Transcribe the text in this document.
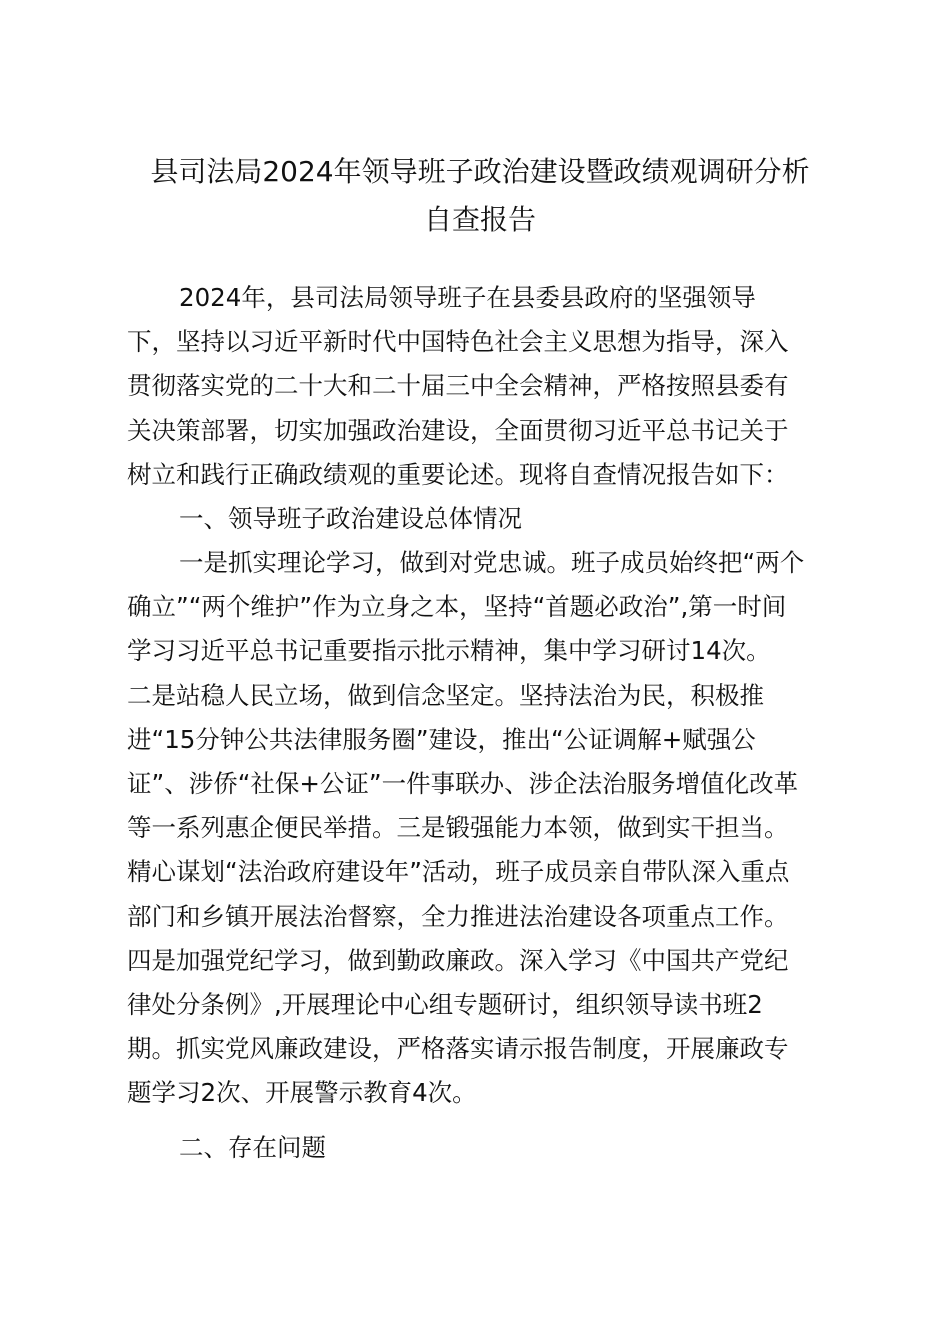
县司法局2024年领导班子政治建设暨政绩观调研分析
自查报告
2024年，县司法局领导班子在县委县政府的坚强领导
下，坚持以习近平新时代中国特色社会主义思想为指导，深入
贯彻落实党的二十大和二十届三中全会精神，严格按照县委有
关决策部署，切实加强政治建设，全面贯彻习近平总书记关于
树立和践行正确政绩观的重要论述。现将自查情况报告如下：
一、领导班子政治建设总体情况
一是抓实理论学习，做到对党忠诚。班子成员始终把“两个
确立”“两个维护”作为立身之本，坚持“首题必政治”,第一时间
学习习近平总书记重要指示批示精神，集中学习研讨14次。
二是站稳人民立场，做到信念坚定。坚持法治为民，积极推
进“15分钟公共法律服务圈”建设，推出“公证调解+赋强公
证”、涉侨“社保+公证”一件事联办、涉企法治服务增值化改革
等一系列惠企便民举措。三是锻强能力本领，做到实干担当。
精心谋划“法治政府建设年”活动，班子成员亲自带队深入重点
部门和乡镇开展法治督察，全力推进法治建设各项重点工作。
四是加强党纪学习，做到勤政廉政。深入学习《中国共产党纪
律处分条例》,开展理论中心组专题研讨，组织领导读书班2
期。抓实党风廉政建设，严格落实请示报告制度，开展廉政专
题学习2次、开展警示教育4次。
二、存在问题
